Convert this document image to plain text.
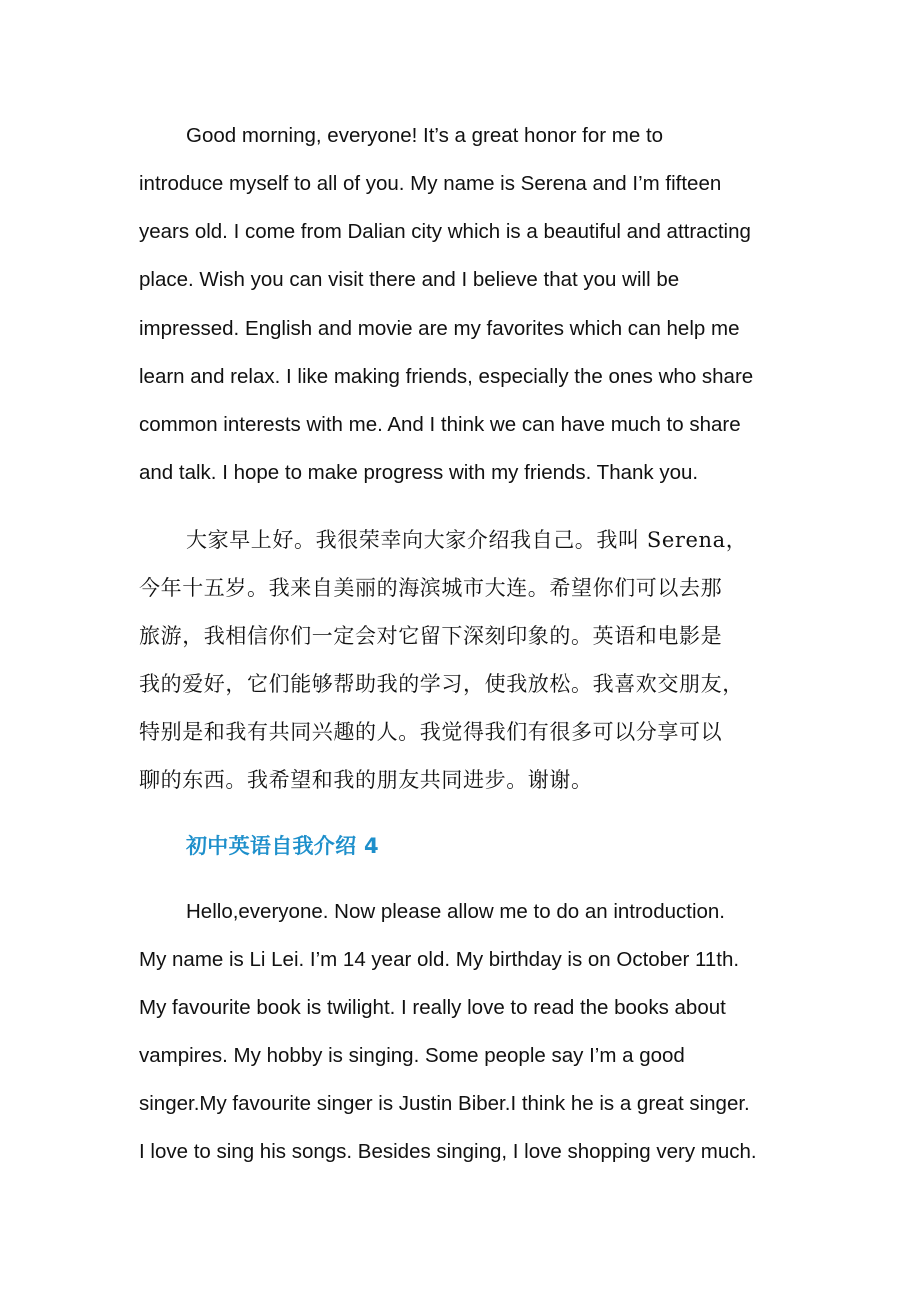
Good morning, everyone! It’s a great honor for me to
introduce myself to all of you. My name is Serena and I’m fifteen
years old. I come from Dalian city which is a beautiful and attracting
place. Wish you can visit there and I believe that you will be
impressed. English and movie are my favorites which can help me
learn and relax. I like making friends, especially the ones who share
common interests with me. And I think we can have much to share
and talk. I hope to make progress with my friends. Thank you.
大家早上好。我很荣幸向大家介绍我自己。我叫 Serena，
今年十五岁。我来自美丽的海滨城市大连。希望你们可以去那
旅游，我相信你们一定会对它留下深刻印象的。英语和电影是
我的爱好，它们能够帮助我的学习，使我放松。我喜欢交朋友，
特别是和我有共同兴趣的人。我觉得我们有很多可以分享可以
聊的东西。我希望和我的朋友共同进步。谢谢。
初中英语自我介绍 4
Hello,everyone. Now please allow me to do an introduction.
My name is Li Lei. I’m 14 year old. My birthday is on October 11th.
My favourite book is twilight. I really love to read the books about
vampires. My hobby is singing. Some people say I’m a good
singer.My favourite singer is Justin Biber.I think he is a great singer.
I love to sing his songs. Besides singing, I love shopping very much.
